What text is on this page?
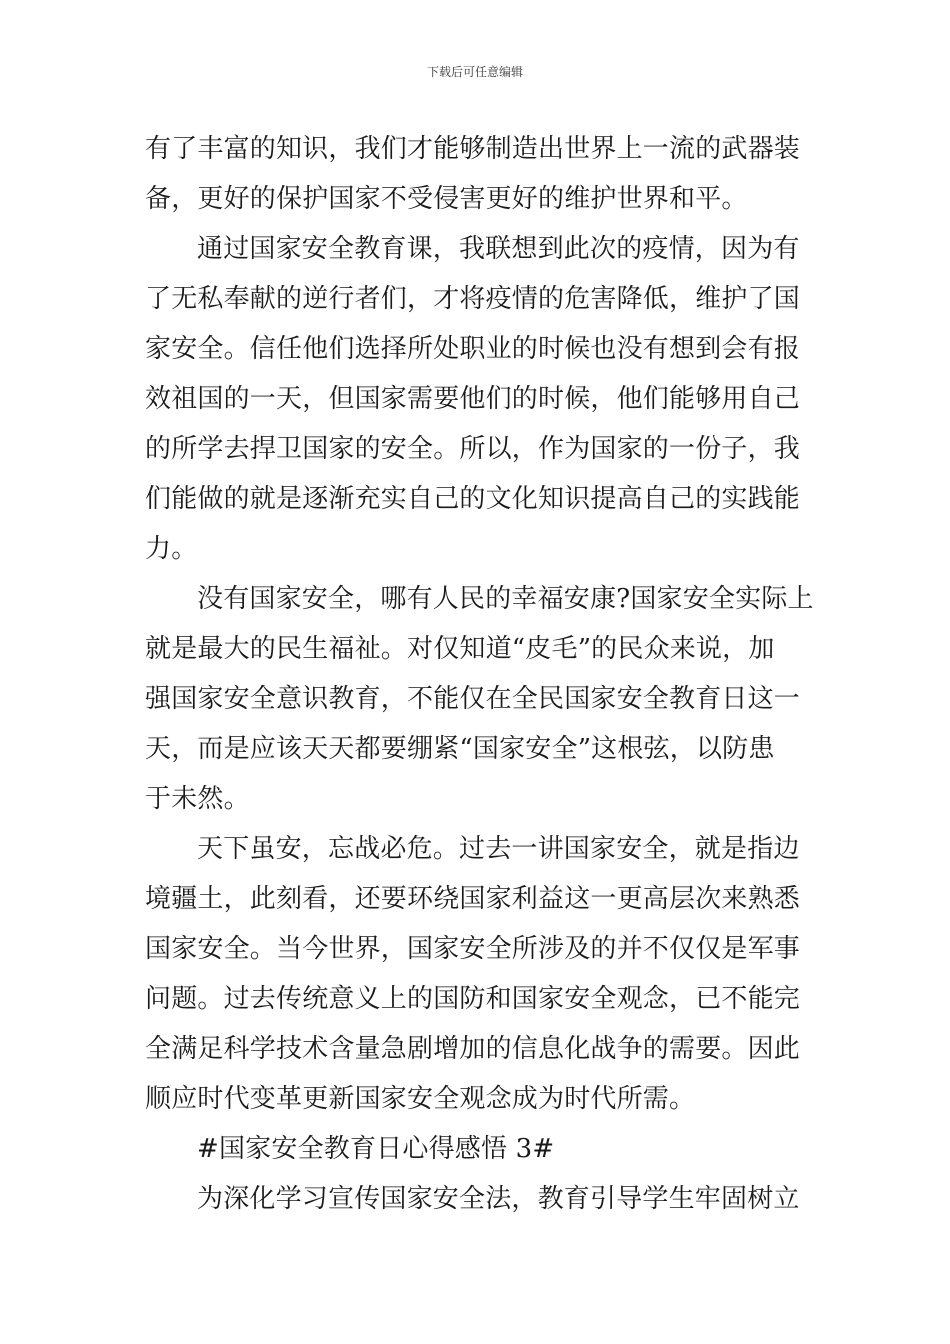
下载后可任意编辑
有了丰富的知识，我们才能够制造出世界上一流的武器装
备，更好的保护国家不受侵害更好的维护世界和平。
通过国家安全教育课，我联想到此次的疫情，因为有
了无私奉献的逆行者们，才将疫情的危害降低，维护了国
家安全。信任他们选择所处职业的时候也没有想到会有报
效祖国的一天，但国家需要他们的时候，他们能够用自己
的所学去捍卫国家的安全。所以，作为国家的一份子，我
们能做的就是逐渐充实自己的文化知识提高自己的实践能
力。
没有国家安全，哪有人民的幸福安康?国家安全实际上
就是最大的民生福祉。对仅知道“皮毛”的民众来说，加
强国家安全意识教育，不能仅在全民国家安全教育日这一
天，而是应该天天都要绷紧“国家安全”这根弦，以防患
于未然。
天下虽安，忘战必危。过去一讲国家安全，就是指边
境疆土，此刻看，还要环绕国家利益这一更高层次来熟悉
国家安全。当今世界，国家安全所涉及的并不仅仅是军事
问题。过去传统意义上的国防和国家安全观念，已不能完
全满足科学技术含量急剧增加的信息化战争的需要。因此
顺应时代变革更新国家安全观念成为时代所需。
#国家安全教育日心得感悟 3#
为深化学习宣传国家安全法，教育引导学生牢固树立
